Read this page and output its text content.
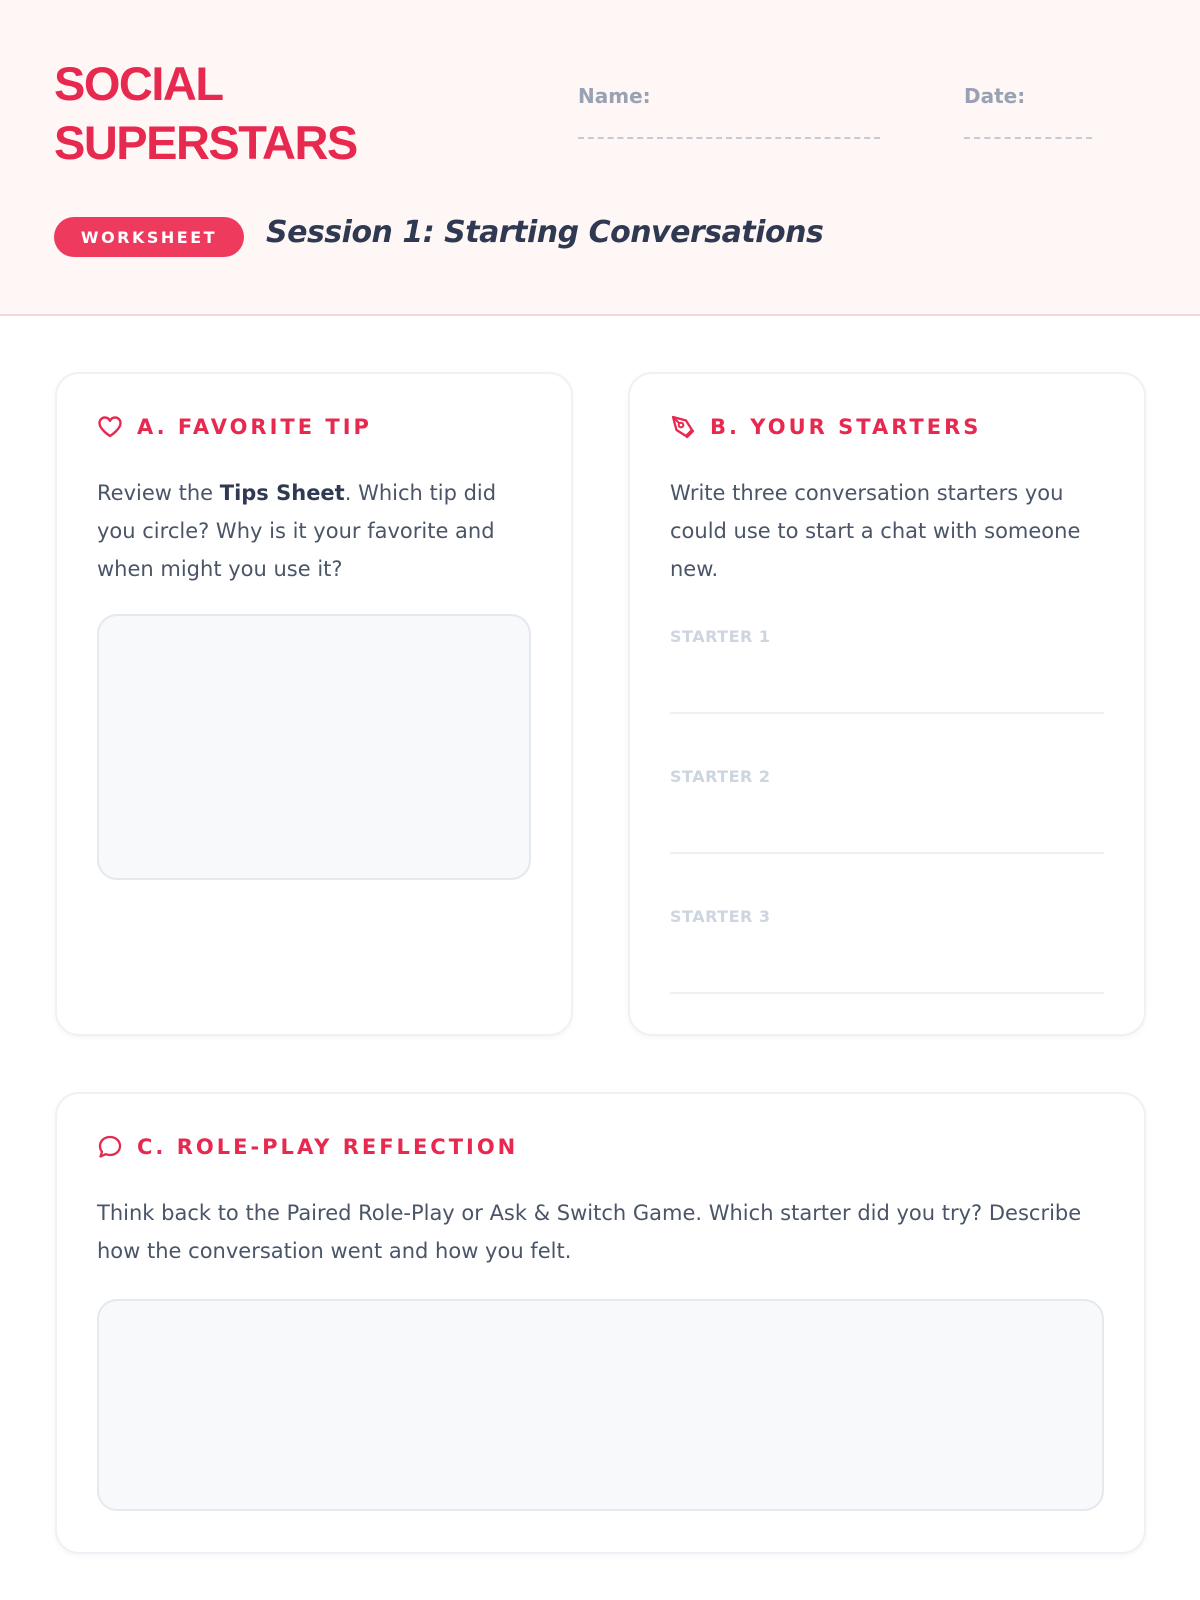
SOCIAL
SUPERSTARS
Name:	Date:
WORKSHEET	Session 1: Starting Conversations
A. FAVORITE TIP
Review the Tips Sheet. Which tip did you circle? Why is it your favorite and when might you use it?
B. YOUR STARTERS
Write three conversation starters you could use to start a chat with someone new.
STARTER 1
STARTER 2
STARTER 3
C. ROLE-PLAY REFLECTION
Think back to the Paired Role-Play or Ask & Switch Game. Which starter did you try? Describe how the conversation went and how you felt.
